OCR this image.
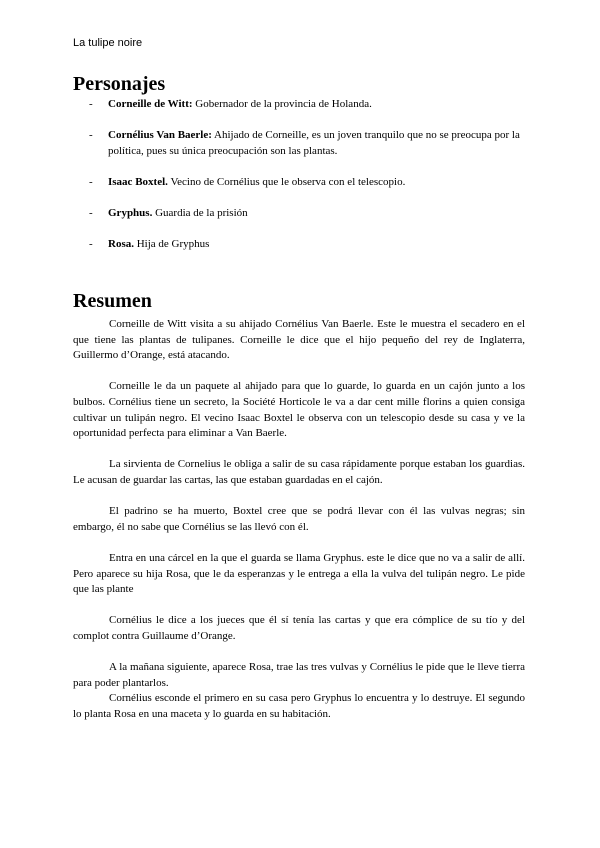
La tulipe noire
Personajes
- Corneille de Witt: Gobernador de la provincia de Holanda.
- Cornélius Van Baerle: Ahijado de Corneille, es un joven tranquilo que no se preocupa por la política, pues su única preocupación son las plantas.
- Isaac Boxtel. Vecino de Cornélius que le observa con el telescopio.
- Gryphus. Guardia de la prisión
- Rosa. Hija de Gryphus
Resumen

Corneille de Witt visita a su ahijado Cornélius Van Baerle. Este le muestra el secadero en el que tiene las plantas de tulipanes. Corneille le dice que el hijo pequeño del rey de Inglaterra, Guillermo d’Orange, está atacando.

Corneille le da un paquete al ahijado para que lo guarde, lo guarda en un cajón junto a los bulbos. Cornélius tiene un secreto, la Société Horticole le va a dar cent mille florins a quien consiga cultivar un tulipán negro. El vecino Isaac Boxtel le observa con un telescopio desde su casa y ve la oportunidad perfecta para eliminar a Van Baerle.

La sirvienta de Cornelius le obliga a salir de su casa rápidamente porque estaban los guardias. Le acusan de guardar las cartas, las que estaban guardadas en el cajón.

El padrino se ha muerto, Boxtel cree que se podrá llevar con él las vulvas negras; sin embargo, él no sabe que Cornélius se las llevó con él.

Entra en una cárcel en la que el guarda se llama Gryphus. este le dice que no va a salir de allí. Pero aparece su hija Rosa, que le da esperanzas y le entrega a ella la vulva del tulipán negro. Le pide que las plante

Cornélius le dice a los jueces que él sí tenía las cartas y que era cómplice de su tío y del complot contra Guillaume d’Orange.

A la mañana siguiente, aparece Rosa, trae las tres vulvas y Cornélius le pide que le lleve tierra para poder plantarlos.

Cornélius esconde el primero en su casa pero Gryphus lo encuentra y lo destruye. El segundo lo planta Rosa en una maceta y lo guarda en su habitación.
